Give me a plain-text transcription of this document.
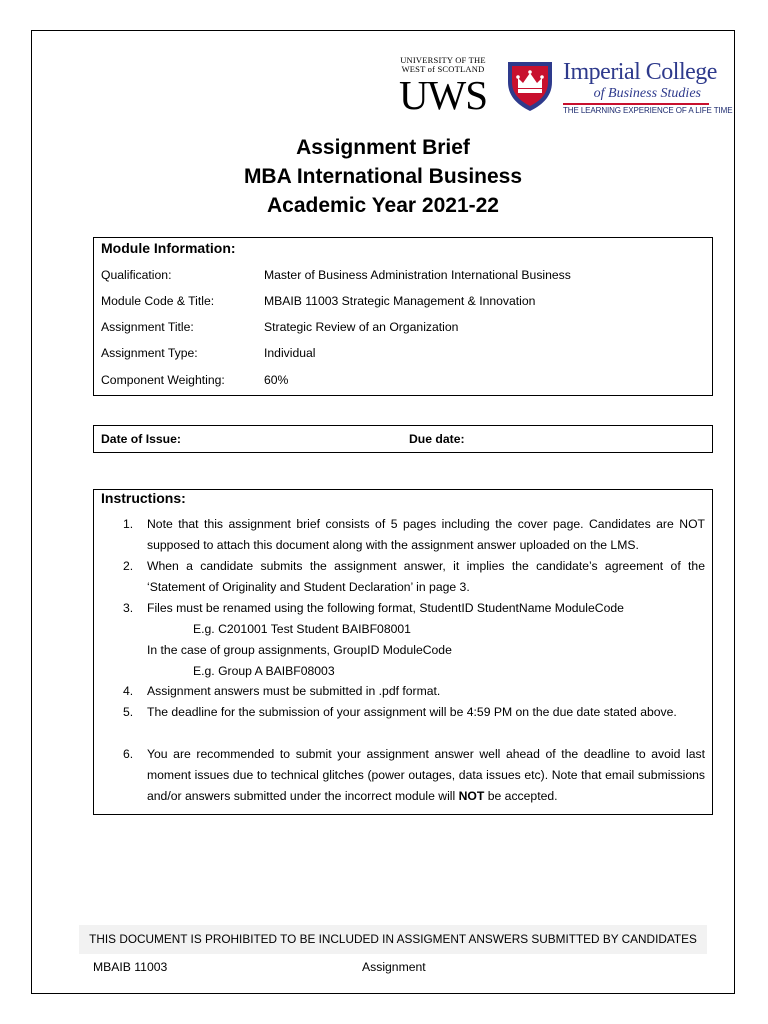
UNIVERSITY OF THE
WEST of SCOTLAND
UWS	Imperial College
of Business Studies
THE LEARNING EXPERIENCE OF A LIFE TIME
Assignment Brief
MBA International Business
Academic Year 2021-22
Module Information:
Qualification:	Master of Business Administration International Business
Module Code & Title:	MBAIB 11003 Strategic Management & Innovation
Assignment Title:	Strategic Review of an Organization
Assignment Type:	Individual
Component Weighting:	60%
Date of Issue:	Due date:
Instructions:
1. Note that this assignment brief consists of 5 pages including the cover page. Candidates are NOT supposed to attach this document along with the assignment answer uploaded on the LMS.
2. When a candidate submits the assignment answer, it implies the candidate’s agreement of the ‘Statement of Originality and Student Declaration’ in page 3.
3. Files must be renamed using the following format, StudentID StudentName ModuleCode
E.g. C201001 Test Student BAIBF08001
In the case of group assignments, GroupID ModuleCode
E.g. Group A BAIBF08003
4. Assignment answers must be submitted in .pdf format.
5. The deadline for the submission of your assignment will be 4:59 PM on the due date stated above.
6. You are recommended to submit your assignment answer well ahead of the deadline to avoid last moment issues due to technical glitches (power outages, data issues etc). Note that email submissions and/or answers submitted under the incorrect module will NOT be accepted.
THIS DOCUMENT IS PROHIBITED TO BE INCLUDED IN ASSIGMENT ANSWERS SUBMITTED BY CANDIDATES
MBAIB 11003	Assignment
